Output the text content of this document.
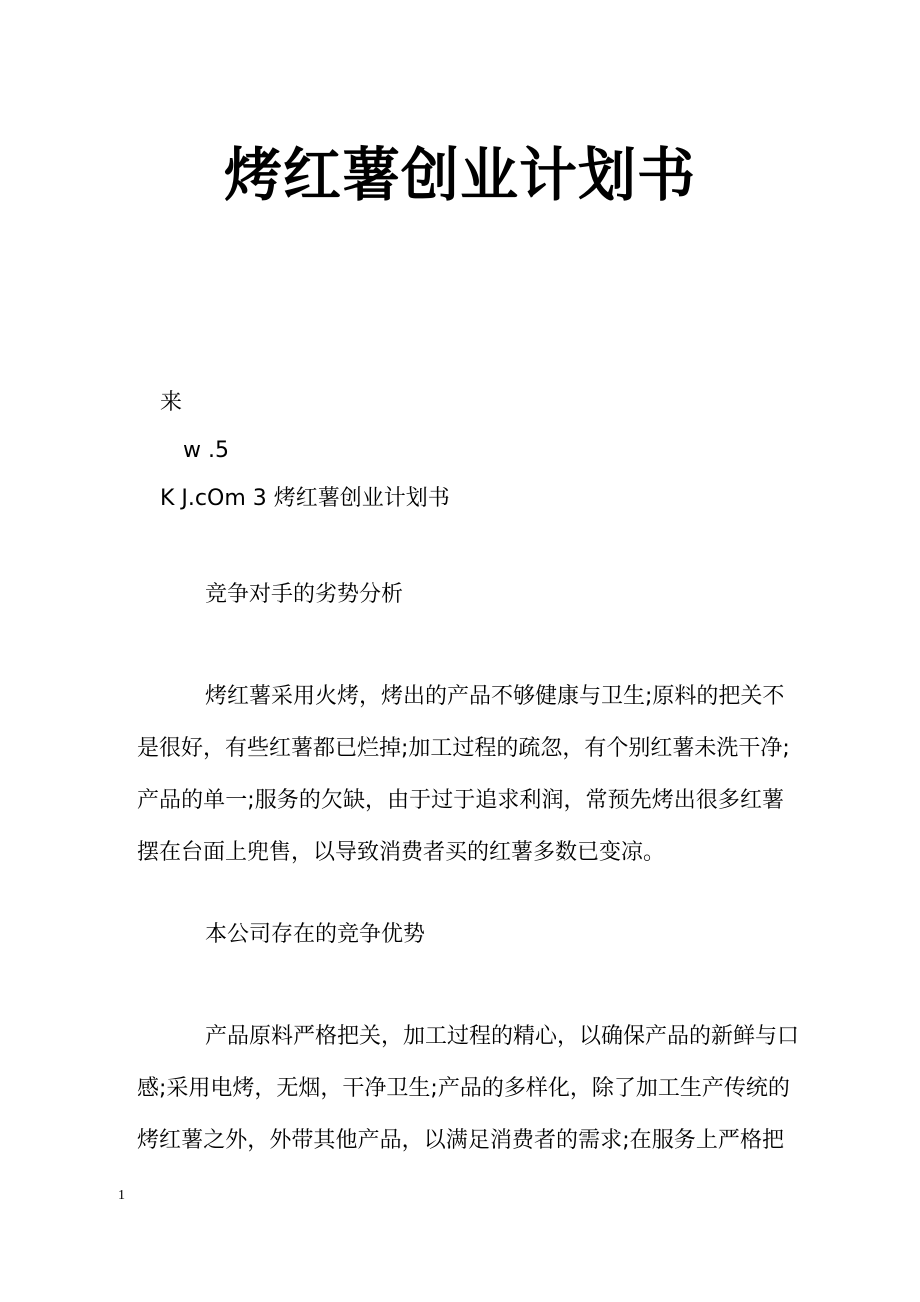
烤红薯创业计划书
来
w .5
K J.cOm 3 烤红薯创业计划书
竞争对手的劣势分析
烤红薯采用火烤，烤出的产品不够健康与卫生;原料的把关不
是很好，有些红薯都已烂掉;加工过程的疏忽，有个别红薯未洗干净;
产品的单一;服务的欠缺，由于过于追求利润，常预先烤出很多红薯
摆在台面上兜售，以导致消费者买的红薯多数已变凉。
本公司存在的竞争优势
产品原料严格把关，加工过程的精心，以确保产品的新鲜与口
感;采用电烤，无烟，干净卫生;产品的多样化，除了加工生产传统的
烤红薯之外，外带其他产品，以满足消费者的需求;在服务上严格把
1
